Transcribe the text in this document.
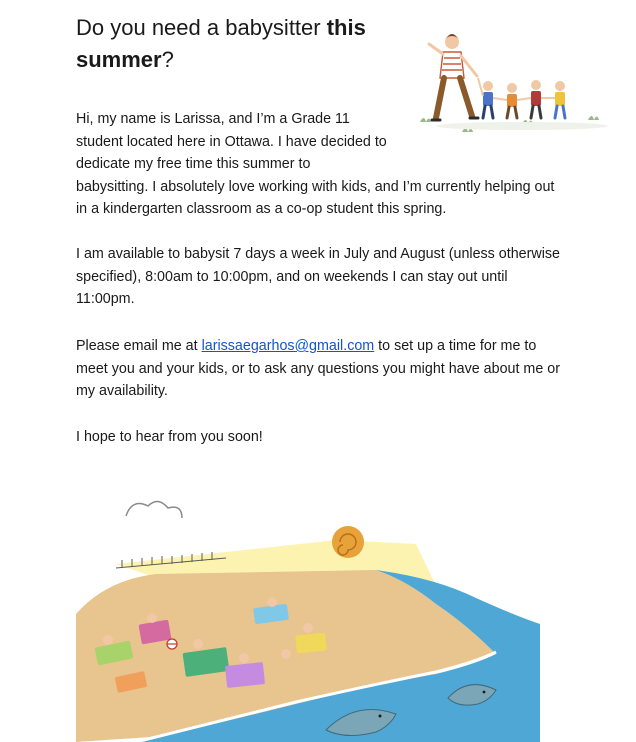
Do you need a babysitter this summer?

Hi, my name is Larissa, and I’m a Grade 11
student located here in Ottawa. I have decided to
dedicate my free time this summer to
babysitting. I absolutely love working with kids, and I’m currently helping out in a kindergarten classroom as a co-op student this spring.

I am available to babysit 7 days a week in July and August (unless otherwise specified), 8:00am to 10:00pm, and on weekends I can stay out until 11:00pm.

Please email me at larissaegarhos@gmail.com to set up a time for me to meet you and your kids, or to ask any questions you might have about me or my availability.

I hope to hear from you soon!
